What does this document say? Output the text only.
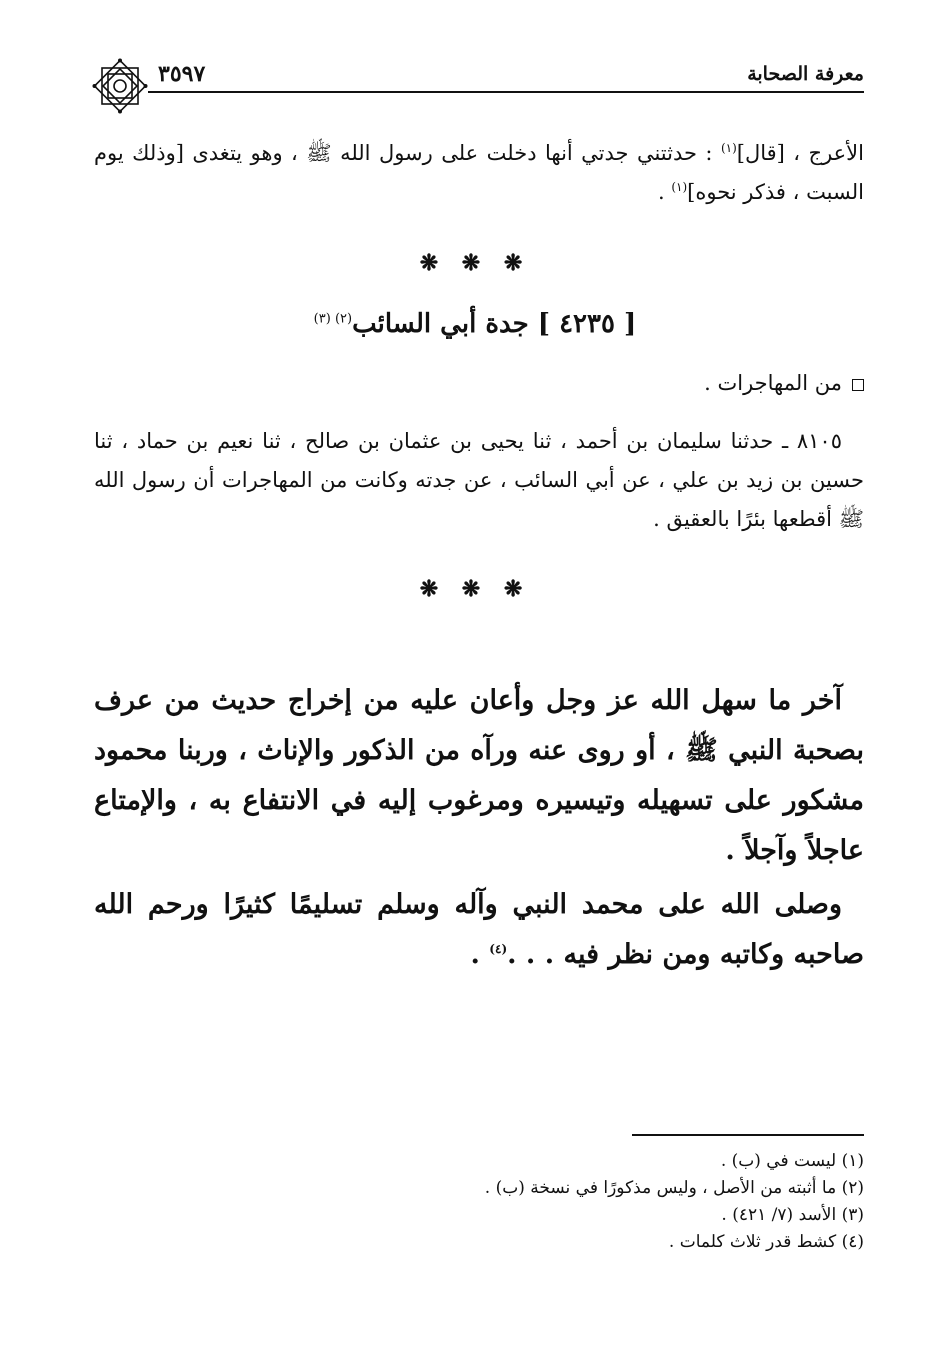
معرفة الصحابة
٣٥٩٧
الأعرج ، [قال]$^{(١)}$ : حدثتني جدتي أنها دخلت على رسول الله ﷺ ، وهو يتغدى [وذلك يوم السبت ، فذكر نحوه]$^{(١)}$ .
❋ ❋ ❋
[ ٤٢٣٥ ] جدة أبي السائب$^{(٢) (٣)}$
من المهاجرات .
٨١٠٥ ـ حدثنا سليمان بن أحمد ، ثنا يحيى بن عثمان بن صالح ، ثنا نعيم بن حماد ، ثنا حسين بن زيد بن علي ، عن أبي السائب ، عن جدته وكانت من المهاجرات أن رسول الله ﷺ أقطعها بئرًا بالعقيق .
❋ ❋ ❋
آخر ما سهل الله عز وجل وأعان عليه من إخراج حديث من عرف بصحبة النبي ﷺ ، أو روى عنه ورآه من الذكور والإناث ، وربنا محمود مشكور على تسهيله وتيسيره ومرغوب إليه في الانتفاع به ، والإمتاع عاجلاً وآجلاً .
وصلى الله على محمد النبي وآله وسلم تسليمًا كثيرًا ورحم الله صاحبه وكاتبه ومن نظر فيه . . .$^{(٤)}$ .
(١) ليست في (ب) .
(٢) ما أثبته من الأصل ، وليس مذكورًا في نسخة (ب) .
(٣) الأسد (٧/ ٤٢١) .
(٤) كشط قدر ثلاث كلمات .
